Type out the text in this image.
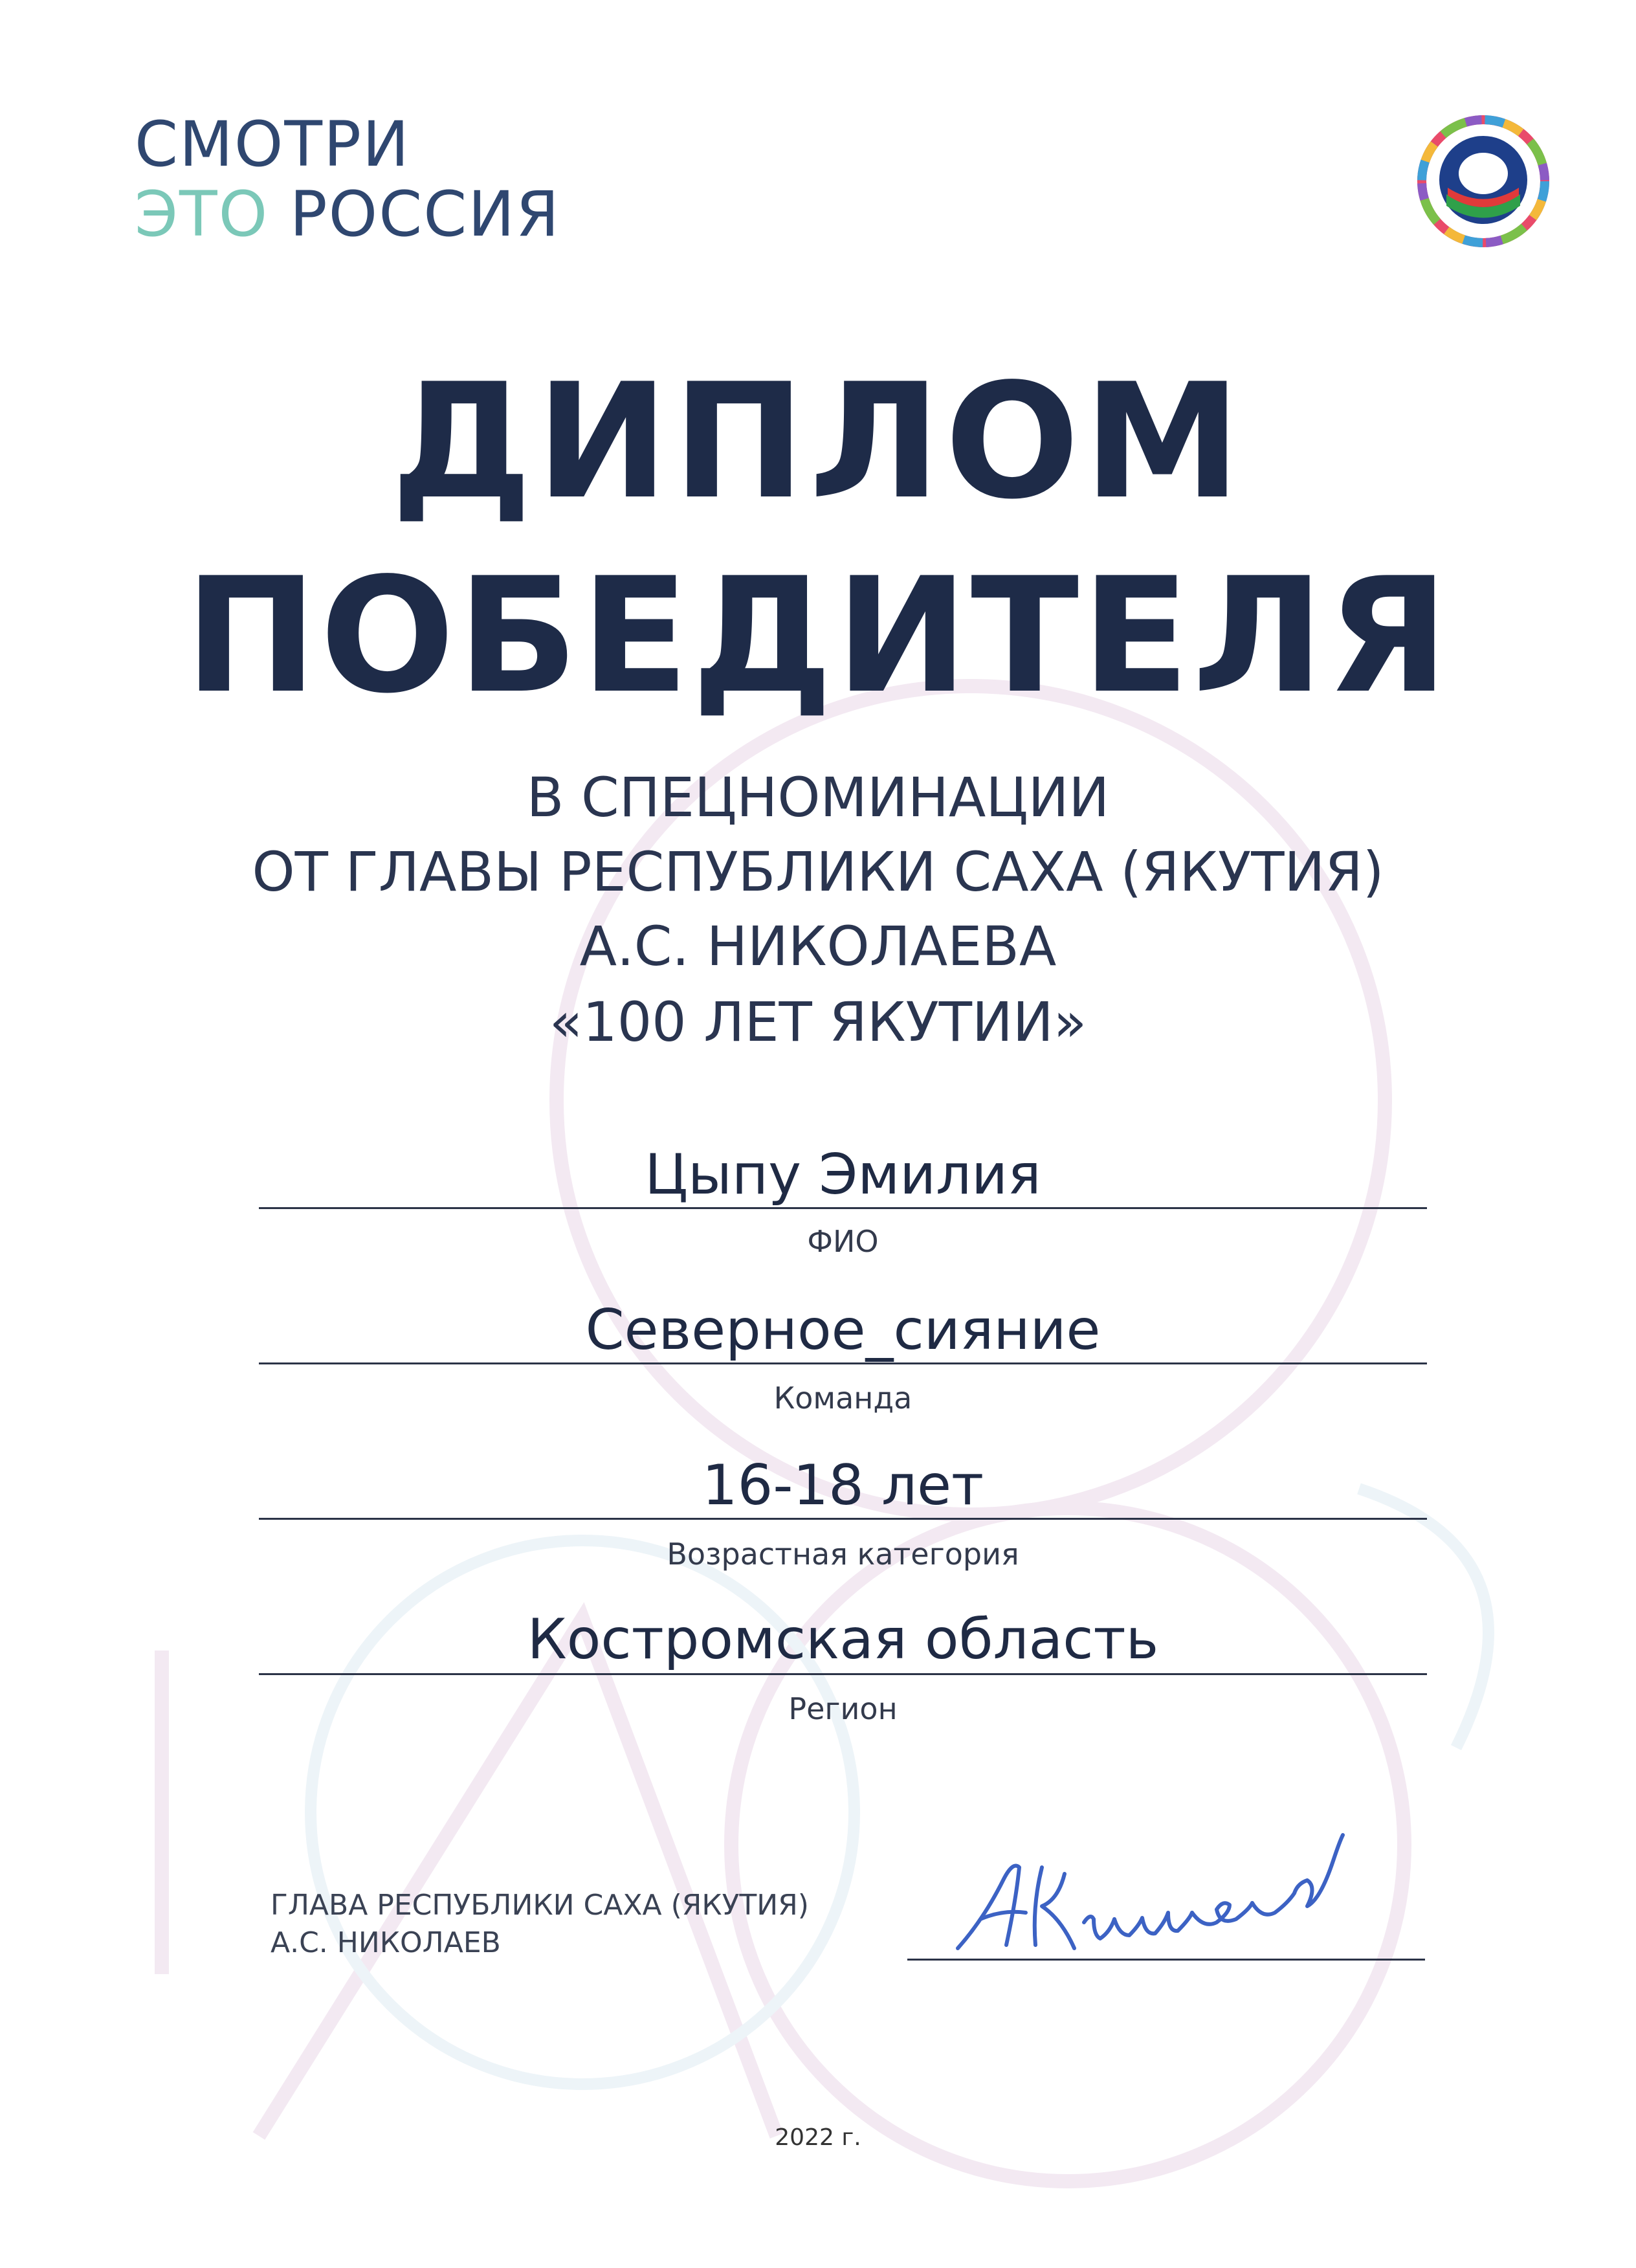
СМОТРИ
ЭТО РОССИЯ
ДИПЛОМ
ПОБЕДИТЕЛЯ
В СПЕЦНОМИНАЦИИ
ОТ ГЛАВЫ РЕСПУБЛИКИ САХА (ЯКУТИЯ)
А.С. НИКОЛАЕВА
«100 ЛЕТ ЯКУТИИ»
Цыпу Эмилия
ФИО
Северное_сияние
Команда
16-18 лет
Возрастная категория
Костромская область
Регион
ГЛАВА РЕСПУБЛИКИ САХА (ЯКУТИЯ)
А.С. НИКОЛАЕВ
2022 г.
